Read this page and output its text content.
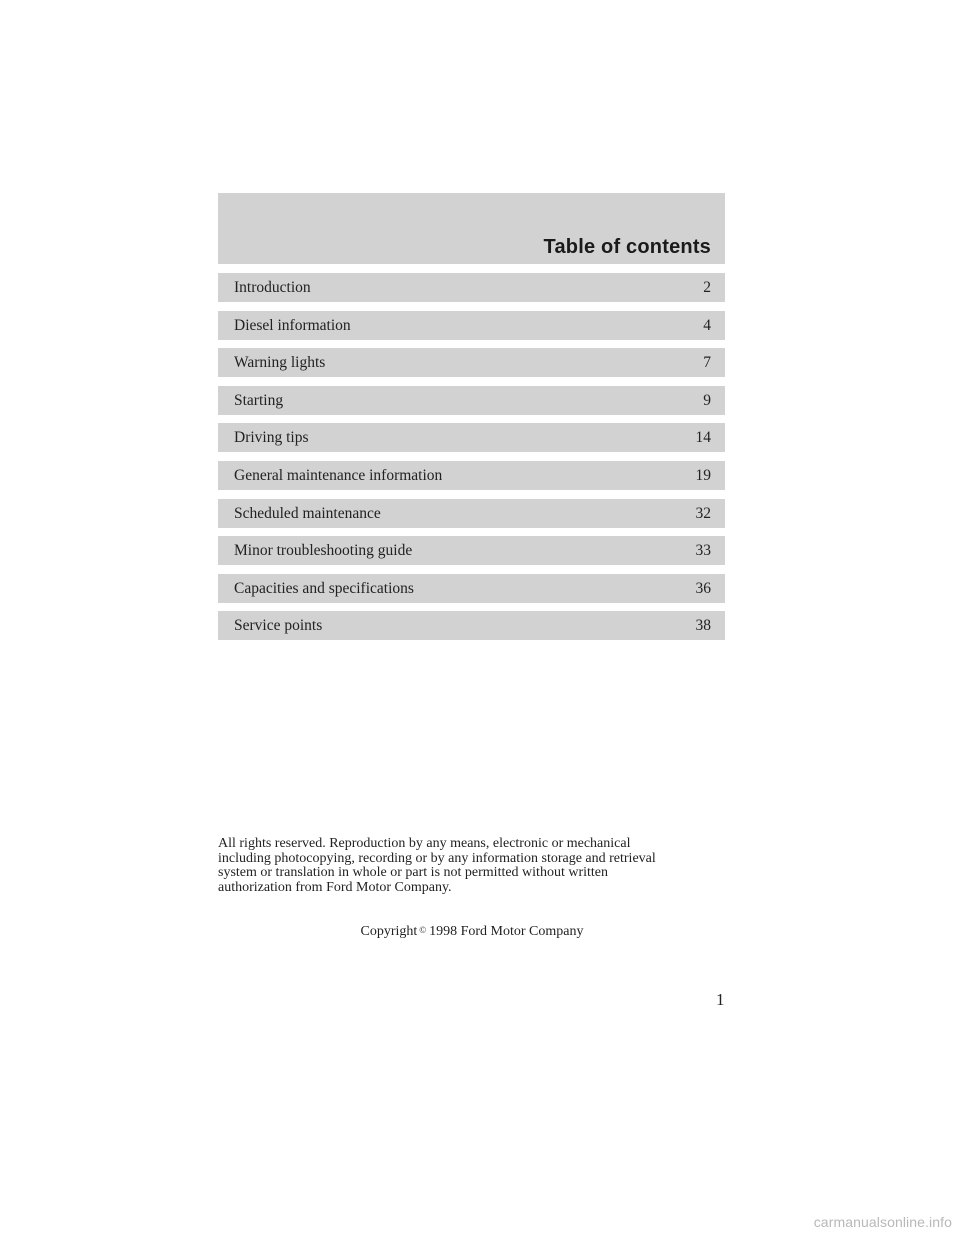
Table of contents
Introduction	2
Diesel information	4
Warning lights	7
Starting	9
Driving tips	14
General maintenance information	19
Scheduled maintenance	32
Minor troubleshooting guide	33
Capacities and specifications	36
Service points	38

All rights reserved. Reproduction by any means, electronic or mechanical
including photocopying, recording or by any information storage and retrieval
system or translation in whole or part is not permitted without written
authorization from Ford Motor Company.

Copyright © 1998 Ford Motor Company

1
carmanualsonline.info
